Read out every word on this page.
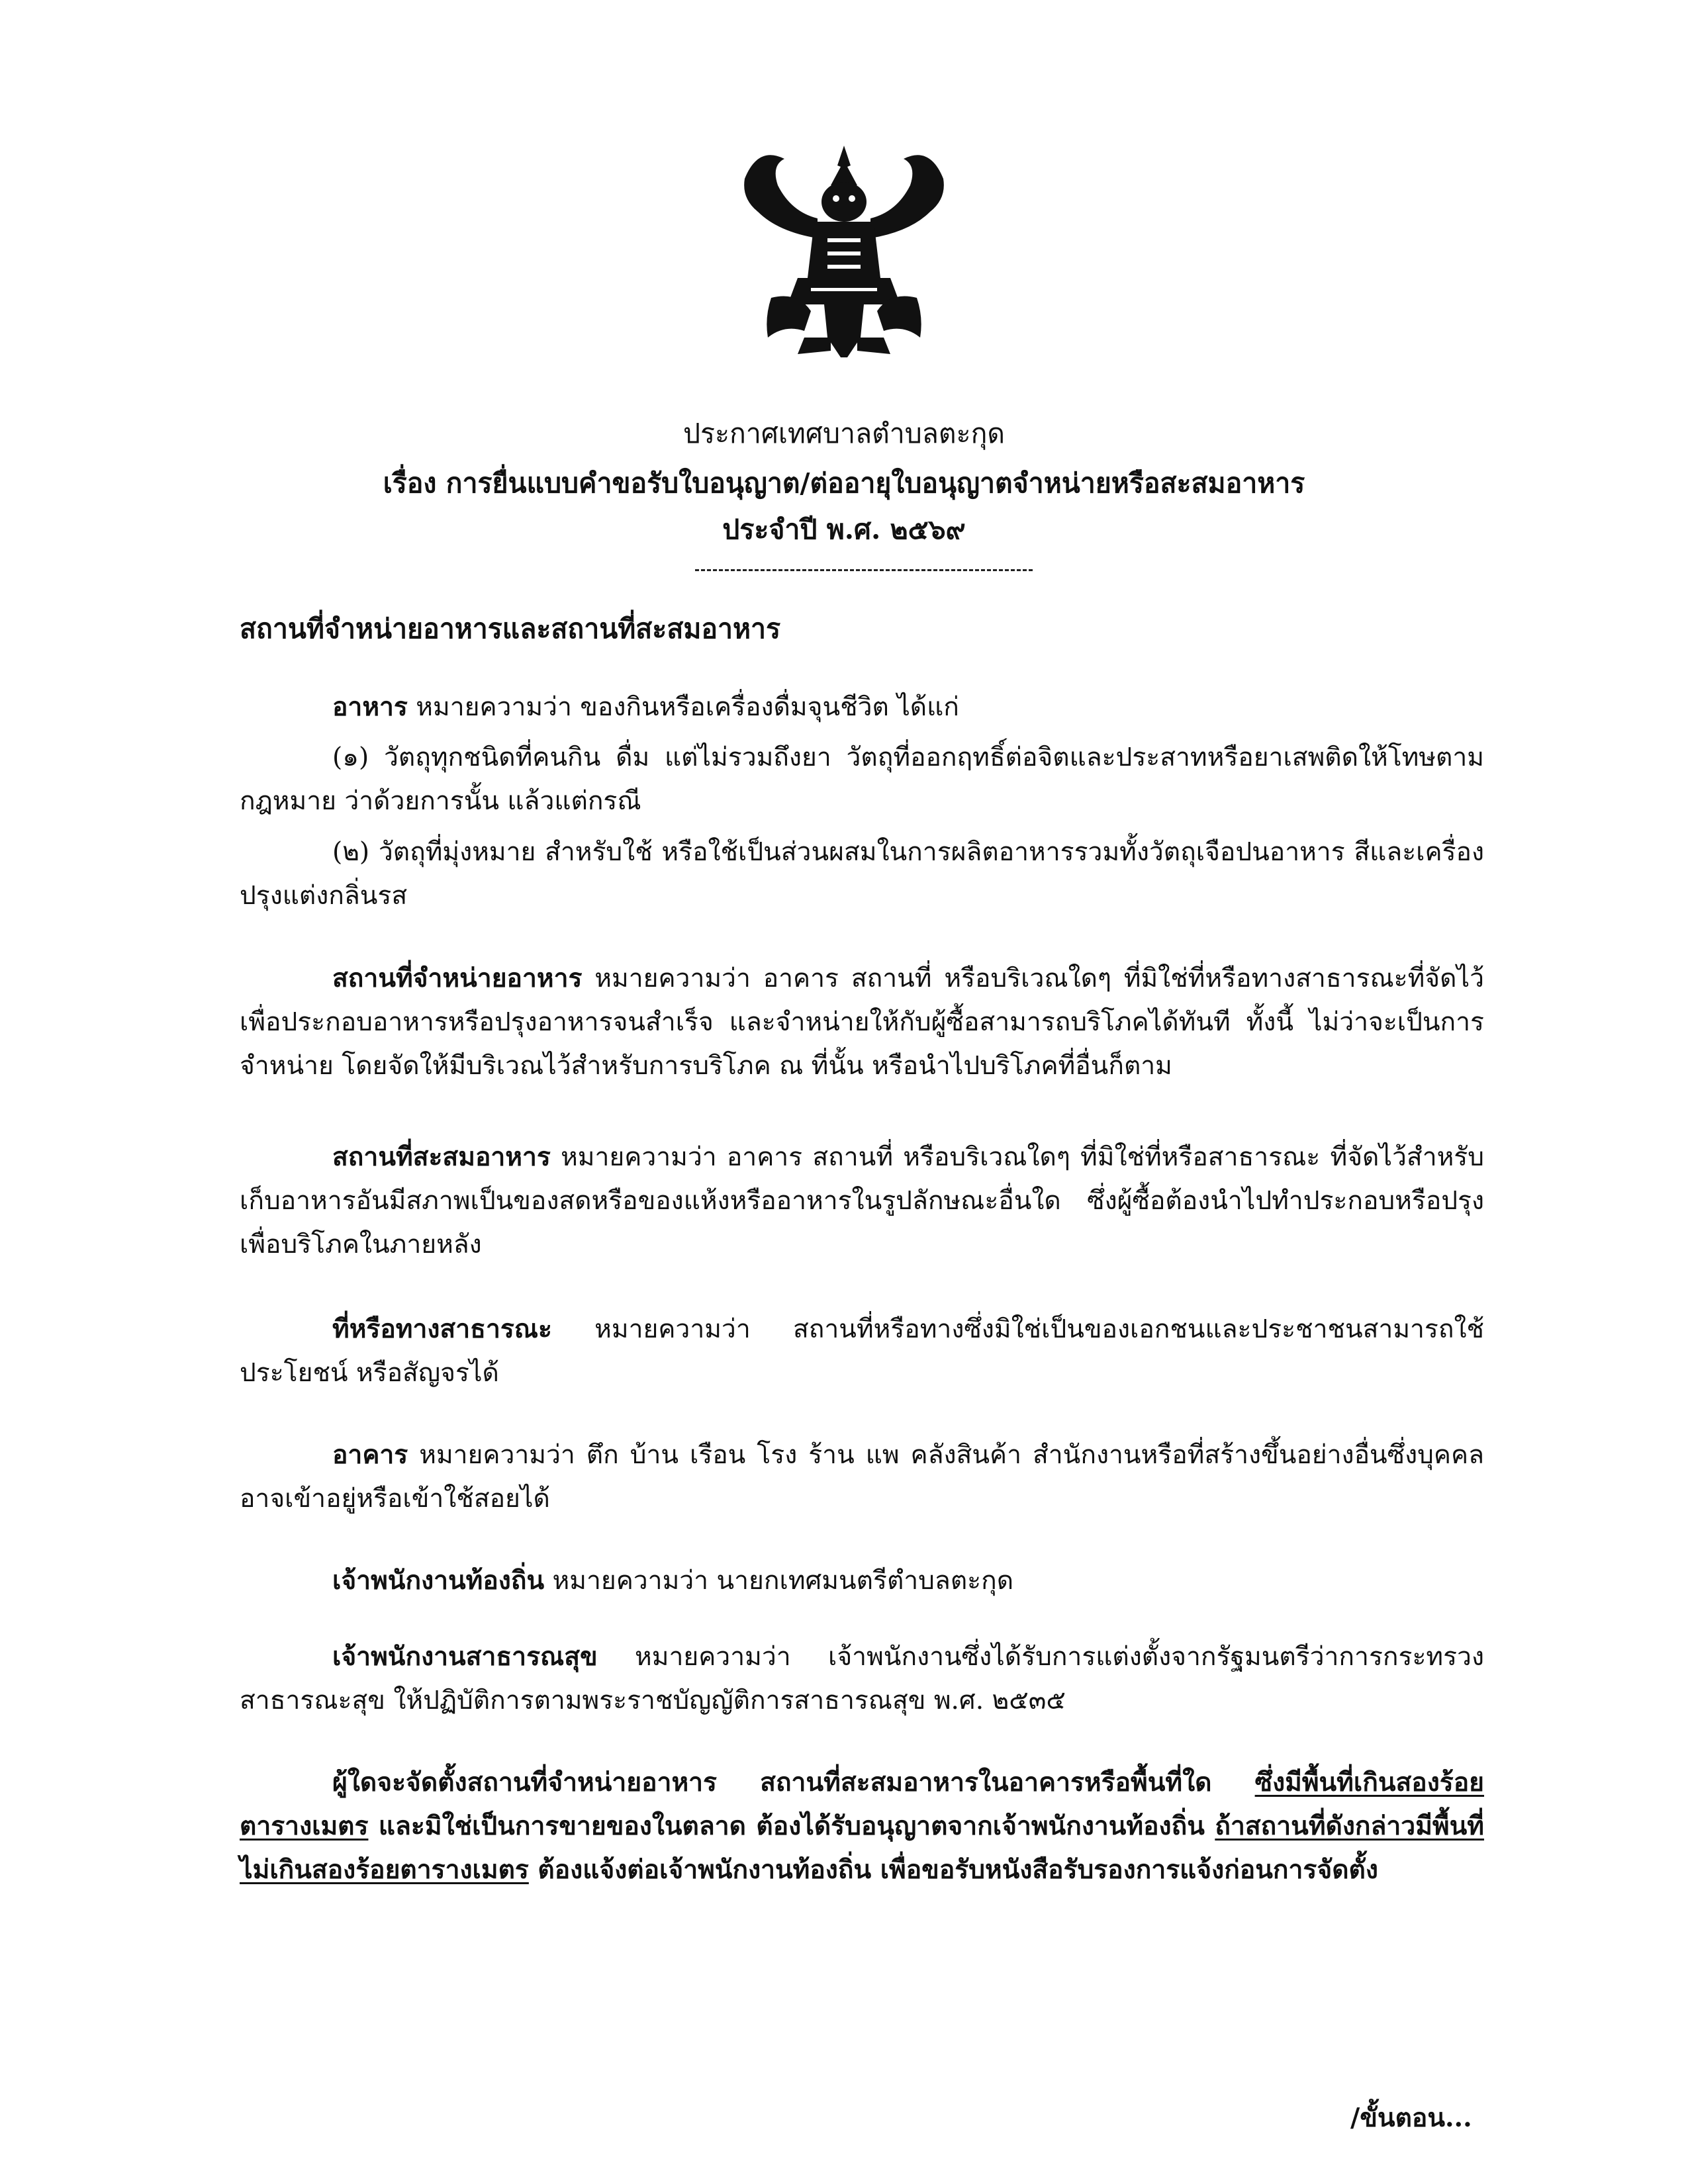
ประกาศเทศบาลตำบลตะกุด
เรื่อง การยื่นแบบคำขอรับใบอนุญาต/ต่ออายุใบอนุญาตจำหน่ายหรือสะสมอาหาร
ประจำปี พ.ศ. ๒๕๖๙
สถานที่จำหน่ายอาหารและสถานที่สะสมอาหาร
อาหาร หมายความว่า ของกินหรือเครื่องดื่มจุนชีวิต ได้แก่
(๑) วัตถุทุกชนิดที่คนกิน ดื่ม แต่ไม่รวมถึงยา วัตถุที่ออกฤทธิ์ต่อจิตและประสาทหรือยาเสพติดให้โทษตามกฎหมาย ว่าด้วยการนั้น แล้วแต่กรณี
(๒) วัตถุที่มุ่งหมาย สำหรับใช้ หรือใช้เป็นส่วนผสมในการผลิตอาหารรวมทั้งวัตถุเจือปนอาหาร สีและเครื่องปรุงแต่งกลิ่นรส
สถานที่จำหน่ายอาหาร หมายความว่า อาคาร สถานที่ หรือบริเวณใดๆ ที่มิใช่ที่หรือทางสาธารณะที่จัดไว้เพื่อประกอบอาหารหรือปรุงอาหารจนสำเร็จ และจำหน่ายให้กับผู้ซื้อสามารถบริโภคได้ทันที ทั้งนี้ ไม่ว่าจะเป็นการจำหน่าย โดยจัดให้มีบริเวณไว้สำหรับการบริโภค ณ ที่นั้น หรือนำไปบริโภคที่อื่นก็ตาม
สถานที่สะสมอาหาร หมายความว่า อาคาร สถานที่ หรือบริเวณใดๆ ที่มิใช่ที่หรือสาธารณะ ที่จัดไว้สำหรับเก็บอาหารอันมีสภาพเป็นของสดหรือของแห้งหรืออาหารในรูปลักษณะอื่นใด ซึ่งผู้ซื้อต้องนำไปทำประกอบหรือปรุงเพื่อบริโภคในภายหลัง
ที่หรือทางสาธารณะ หมายความว่า สถานที่หรือทางซึ่งมิใช่เป็นของเอกชนและประชาชนสามารถใช้ประโยชน์ หรือสัญจรได้
อาคาร หมายความว่า ตึก บ้าน เรือน โรง ร้าน แพ คลังสินค้า สำนักงานหรือที่สร้างขึ้นอย่างอื่นซึ่งบุคคลอาจเข้าอยู่หรือเข้าใช้สอยได้
เจ้าพนักงานท้องถิ่น หมายความว่า นายกเทศมนตรีตำบลตะกุด
เจ้าพนักงานสาธารณสุข หมายความว่า เจ้าพนักงานซึ่งได้รับการแต่งตั้งจากรัฐมนตรีว่าการกระทรวงสาธารณะสุข ให้ปฏิบัติการตามพระราชบัญญัติการสาธารณสุข พ.ศ. ๒๕๓๕
ผู้ใดจะจัดตั้งสถานที่จำหน่ายอาหาร สถานที่สะสมอาหารในอาคารหรือพื้นที่ใด ซึ่งมีพื้นที่เกินสองร้อยตารางเมตร และมิใช่เป็นการขายของในตลาด ต้องได้รับอนุญาตจากเจ้าพนักงานท้องถิ่น ถ้าสถานที่ดังกล่าวมีพื้นที่ไม่เกินสองร้อยตารางเมตร ต้องแจ้งต่อเจ้าพนักงานท้องถิ่น เพื่อขอรับหนังสือรับรองการแจ้งก่อนการจัดตั้ง
/ขั้นตอน...
